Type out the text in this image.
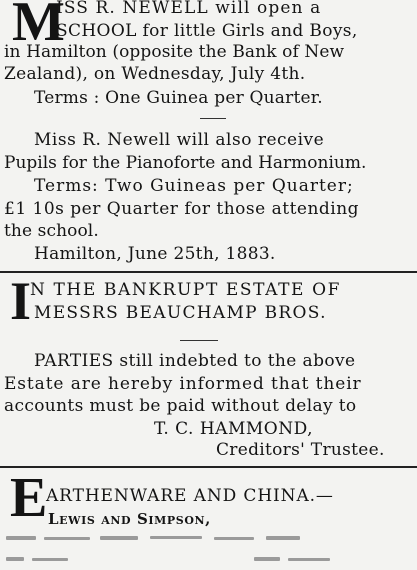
M
ISS R. NEWELL will open a
SCHOOL for little Girls and Boys,
in Hamilton (opposite the Bank of New
Zealand), on Wednesday, July 4th.
Terms : One Guinea per Quarter.
Miss R. Newell will also receive
Pupils for the Pianoforte and Harmonium.
Terms: Two Guineas per Quarter;
£1 10s per Quarter for those attending
the school.
Hamilton, June 25th, 1883.
I
N THE BANKRUPT ESTATE OF
MESSRS BEAUCHAMP BROS.
PARTIES still indebted to the above
Estate are hereby informed that their
accounts must be paid without delay to
T. C. HAMMOND,
Creditors' Trustee.
E
ARTHENWARE AND CHINA.—
Lewis and Simpson,
